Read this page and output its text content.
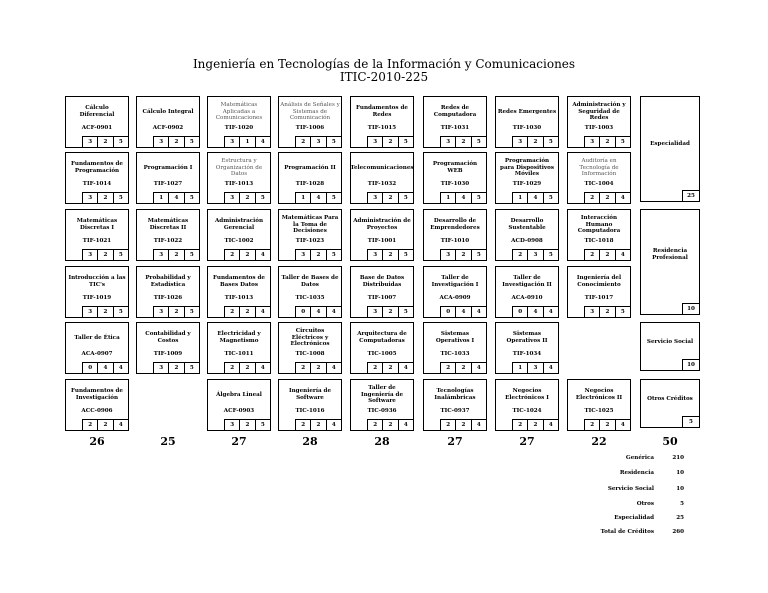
Ingeniería en Tecnologías de la Información y Comunicaciones
ITIC-2010-225
Cálculo Diferencial
ACF-0901
3	2	5
Cálculo Integral
ACF-0902
3	2	5
Matemáticas Aplicadas a Comunicaciones
TIF-1020
3	1	4
Análisis de Señales y Sistemas de Comunicación
TIF-1006
2	3	5
Fundamentos de Redes
TIF-1015
3	2	5
Redes de Computadora
TIF-1031
3	2	5
Redes Emergentes
TIF-1030
3	2	5
Administración y Seguridad de Redes
TIF-1003
3	2	5
Fundamentos de Programación
TIF-1014
3	2	5
Programación I
TIF-1027
1	4	5
Estructura y Organización de Datos
TIF-1013
3	2	5
Programación II
TIF-1028
1	4	5
Telecomunicaciones
TIF-1032
3	2	5
Programación WEB
TIF-1030
1	4	5
Programación para Dispositivos Móviles
TIF-1029
1	4	5
Auditoría en Tecnología de Información
TIC-1004
2	2	4
Matemáticas Discretas I
TIF-1021
3	2	5
Matemáticas Discretas II
TIF-1022
3	2	5
Administración Gerencial
TIC-1002
2	2	4
Matemáticas Para la Toma de Decisiones
TIF-1023
3	2	5
Administración de Proyectos
TIF-1001
3	2	5
Desarrollo de Emprendedores
TIF-1010
3	2	5
Desarrollo Sustentable
ACD-0908
2	3	5
Interacción Humano Computadora
TIC-1018
2	2	4
Introducción a las TIC's
TIF-1019
3	2	5
Probabilidad y Estadística
TIF-1026
3	2	5
Fundamentos de Bases Datos
TIF-1013
2	2	4
Taller de Bases de Datos
TIC-1035
0	4	4
Base de Datos Distribuidas
TIF-1007
3	2	5
Taller de Investigación I
ACA-0909
0	4	4
Taller de Investigación II
ACA-0910
0	4	4
Ingeniería del Conocimiento
TIF-1017
3	2	5
Taller de Ética
ACA-0907
0	4	4
Contabilidad y Costos
TIF-1009
3	2	5
Electricidad y Magnetismo
TIC-1011
2	2	4
Circuitos Eléctricos y Electrónicos
TIC-1008
2	2	4
Arquitectura de Computadoras
TIC-1005
2	2	4
Sistemas Operativos I
TIC-1033
2	2	4
Sistemas Operativos II
TIF-1034
1	3	4
Fundamentos de Investigación
ACC-0906
2	2	4
Álgebra Lineal
ACF-0903
3	2	5
Ingeniería de Software
TIC-1016
2	2	4
Taller de Ingeniería de Software
TIC-0936
2	2	4
Tecnologías Inalámbricas
TIC-0937
2	2	4
Negocios Electrónicos I
TIC-1024
2	2	4
Negocios Electrónicos II
TIC-1025
2	2	4
Especialidad
25
Residencia Profesional
10
Servicio Social
10
Otros Créditos
5
26	25	27	28	28	27	27	22	50
Genérica	210
Residencia	10
Servicio Social	10
Otros	5
Especialidad	25
Total de Créditos	260
